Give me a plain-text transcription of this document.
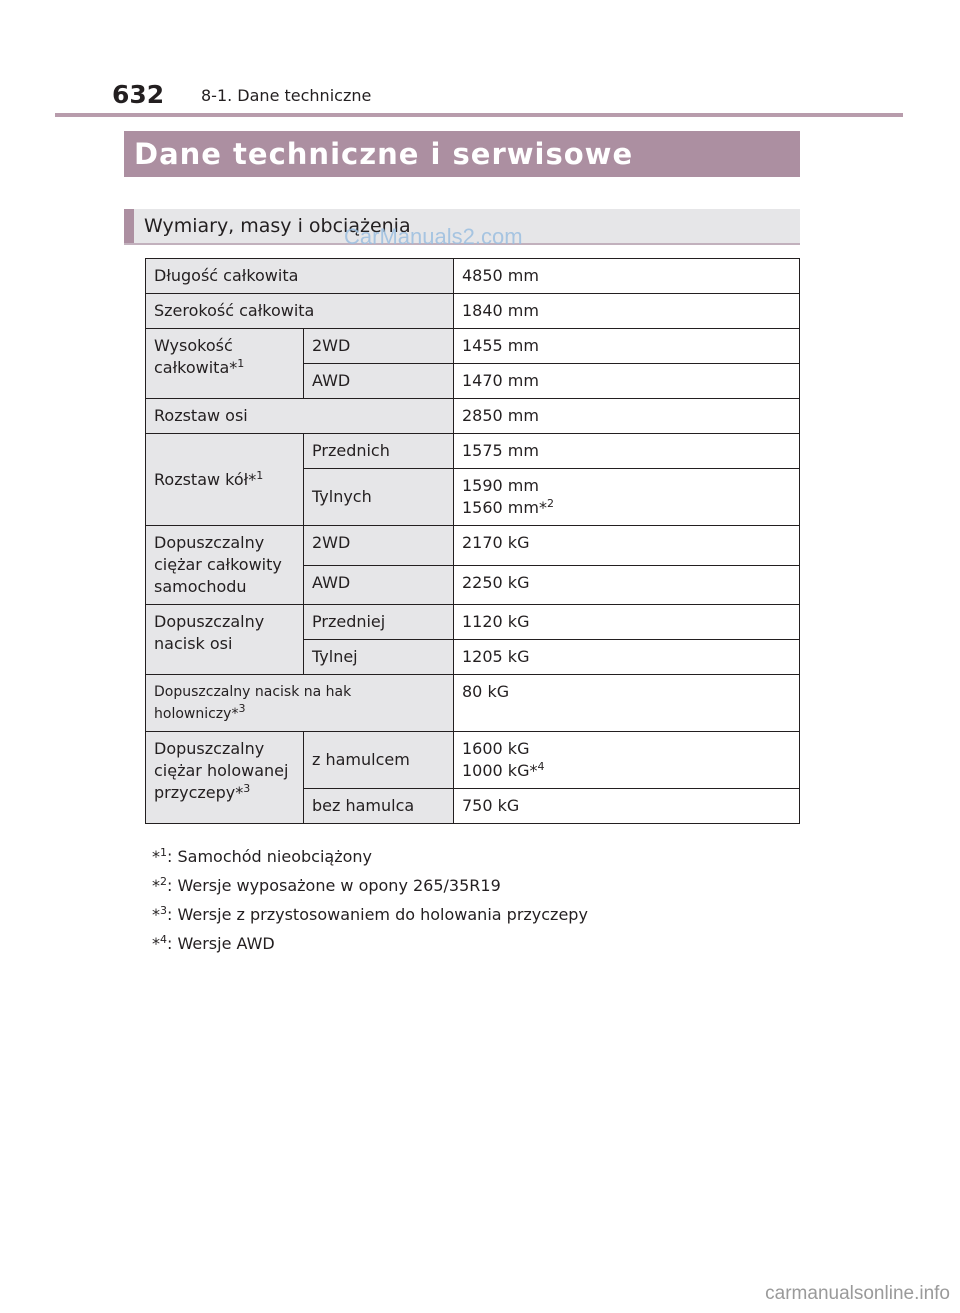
632 8-1. Dane techniczne
Dane techniczne i serwisowe
Wymiary, masy i obciążenia
CarManuals2.com
Długość całkowita		4850 mm
Szerokość całkowita		1840 mm
Wysokość całkowita*$^1$	2WD	1455 mm
	AWD	1470 mm
Rozstaw osi		2850 mm
Rozstaw kół*$^1$	Przednich	1575 mm
	Tylnych	1590 mm
1560 mm*$^2$

Dopuszczalny ciężar całkowity samochodu	2WD	2170 kG
	AWD	2250 kG
Dopuszczalny nacisk osi	Przedniej	1120 kG
	Tylnej	1205 kG
Dopuszczalny nacisk na hak holowniczy*$^3$		80 kG
Dopuszczalny ciężar holowanej przyczepy*$^3$	z hamulcem	1600 kG
1000 kG*$^4$

	bez hamulca	750 kG
*$^1$: Samochód nieobciążony
*$^2$: Wersje wyposażone w opony 265/35R19
*$^3$: Wersje z przystosowaniem do holowania przyczepy
*$^4$: Wersje AWD
carmanualsonline.info
